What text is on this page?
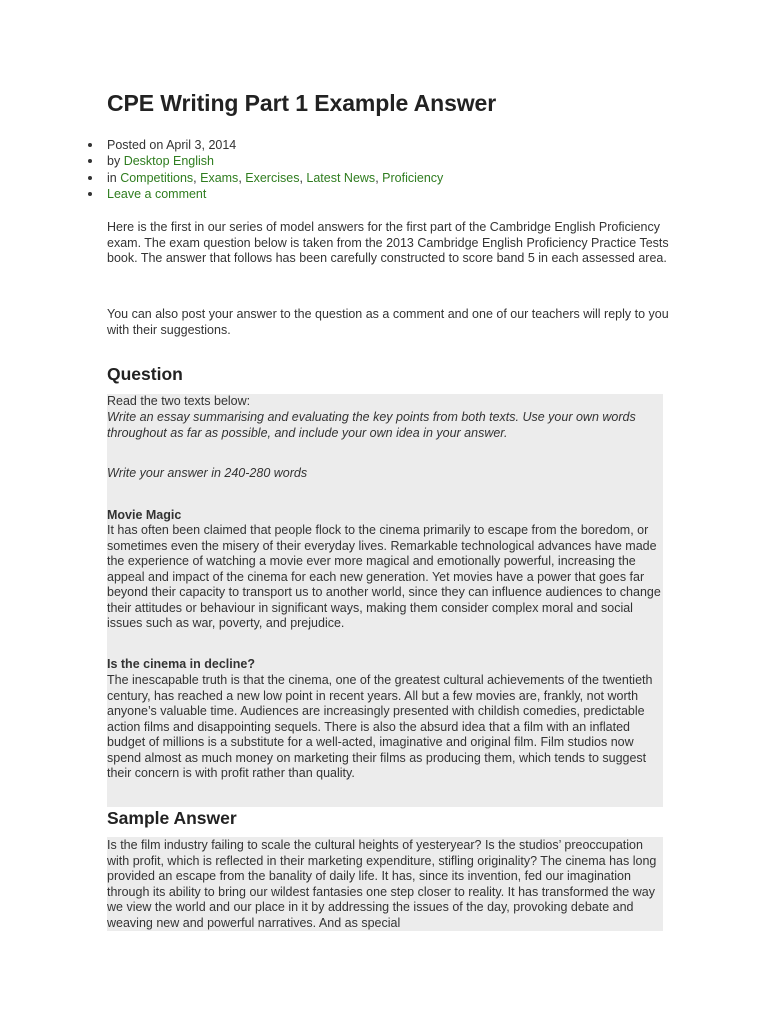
CPE Writing Part 1 Example Answer
Posted on April 3, 2014
by Desktop English
in Competitions, Exams, Exercises, Latest News, Proficiency
Leave a comment

Here is the first in our series of model answers for the first part of the Cambridge English Proficiency exam. The exam question below is taken from the 2013 Cambridge English Proficiency Practice Tests book. The answer that follows has been carefully constructed to score band 5 in each assessed area.

You can also post your answer to the question as a comment and one of our teachers will reply to you with their suggestions.

Question

Read the two texts below:

Write an essay summarising and evaluating the key points from both texts. Use your own words throughout as far as possible, and include your own idea in your answer.

Write your answer in 240-280 words

Movie Magic

It has often been claimed that people flock to the cinema primarily to escape from the boredom, or sometimes even the misery of their everyday lives. Remarkable technological advances have made the experience of watching a movie ever more magical and emotionally powerful, increasing the appeal and impact of the cinema for each new generation. Yet movies have a power that goes far beyond their capacity to transport us to another world, since they can influence audiences to change their attitudes or behaviour in significant ways, making them consider complex moral and social issues such as war, poverty, and prejudice.

Is the cinema in decline?

The inescapable truth is that the cinema, one of the greatest cultural achievements of the twentieth century, has reached a new low point in recent years. All but a few movies are, frankly, not worth anyone’s valuable time. Audiences are increasingly presented with childish comedies, predictable action films and disappointing sequels. There is also the absurd idea that a film with an inflated budget of millions is a substitute for a well-acted, imaginative and original film. Film studios now spend almost as much money on marketing their films as producing them, which tends to suggest their concern is with profit rather than quality.

Sample Answer

Is the film industry failing to scale the cultural heights of yesteryear? Is the studios’ preoccupation with profit, which is reflected in their marketing expenditure, stifling originality? The cinema has long provided an escape from the banality of daily life. It has, since its invention, fed our imagination through its ability to bring our wildest fantasies one step closer to reality. It has transformed the way we view the world and our place in it by addressing the issues of the day, provoking debate and weaving new and powerful narratives. And as special
